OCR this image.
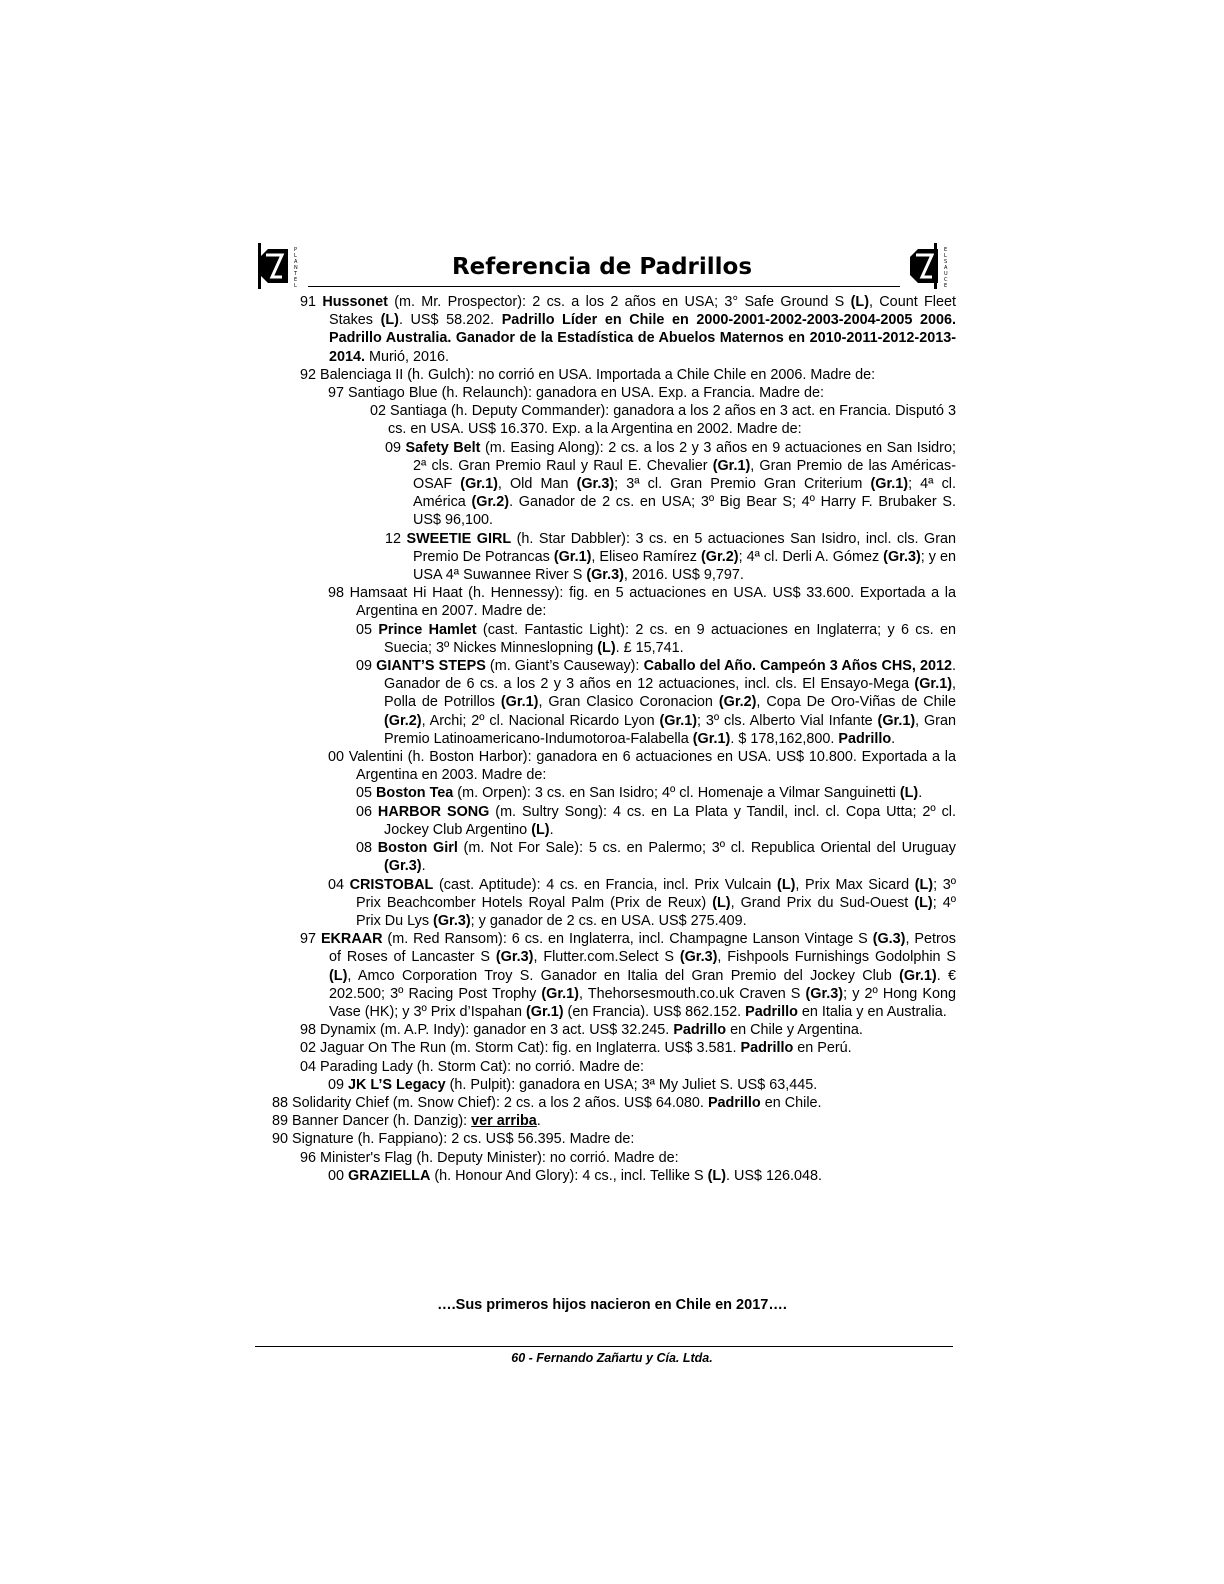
P
L
A
N
T
E
L
E
L
S
A
U
C
E
Referencia de Padrillos
91 Hussonet (m. Mr. Prospector): 2 cs. a los 2 años en USA; 3° Safe Ground S (L), Count Fleet Stakes (L). US$ 58.202. Padrillo Líder en Chile en 2000-2001-2002-2003-2004-2005 2006. Padrillo Australia. Ganador de la Estadística de Abuelos Maternos en 2010-2011-2012-2013-2014. Murió, 2016.
92 Balenciaga II (h. Gulch): no corrió en USA. Importada a Chile Chile en 2006. Madre de:
97 Santiago Blue (h. Relaunch): ganadora en USA. Exp. a Francia. Madre de:
02 Santiaga (h. Deputy Commander): ganadora a los 2 años en 3 act. en Francia. Disputó 3 cs. en USA. US$ 16.370. Exp. a la Argentina en 2002. Madre de:
09 Safety Belt (m. Easing Along): 2 cs. a los 2 y 3 años en 9 actuaciones en San Isidro; 2ª cls. Gran Premio Raul y Raul E. Chevalier (Gr.1), Gran Premio de las Américas-OSAF (Gr.1), Old Man (Gr.3); 3ª cl. Gran Premio Gran Criterium (Gr.1); 4ª cl. América (Gr.2). Ganador de 2 cs. en USA; 3º Big Bear S; 4º Harry F. Brubaker S. US$ 96,100.
12 SWEETIE GIRL (h. Star Dabbler): 3 cs. en 5 actuaciones San Isidro, incl. cls. Gran Premio De Potrancas (Gr.1), Eliseo Ramírez (Gr.2); 4ª cl. Derli A. Gómez (Gr.3); y en USA 4ª Suwannee River S (Gr.3), 2016. US$ 9,797.
98 Hamsaat Hi Haat (h. Hennessy): fig. en 5 actuaciones en USA. US$ 33.600. Exportada a la Argentina en 2007. Madre de:
05 Prince Hamlet (cast. Fantastic Light): 2 cs. en 9 actuaciones en Inglaterra; y 6 cs. en Suecia; 3º Nickes Minneslopning (L). £ 15,741.
09 GIANT’S STEPS (m. Giant’s Causeway): Caballo del Año. Campeón 3 Años CHS, 2012. Ganador de 6 cs. a los 2 y 3 años en 12 actuaciones, incl. cls. El Ensayo-Mega (Gr.1), Polla de Potrillos (Gr.1), Gran Clasico Coronacion (Gr.2), Copa De Oro-Viñas de Chile (Gr.2), Archi; 2º cl. Nacional Ricardo Lyon (Gr.1); 3º cls. Alberto Vial Infante (Gr.1), Gran Premio Latinoamericano-Indumotoroa-Falabella (Gr.1). $ 178,162,800. Padrillo.
00 Valentini (h. Boston Harbor): ganadora en 6 actuaciones en USA. US$ 10.800. Exportada a la Argentina en 2003. Madre de:
05 Boston Tea (m. Orpen): 3 cs. en San Isidro; 4º cl. Homenaje a Vilmar Sanguinetti (L).
06 HARBOR SONG (m. Sultry Song): 4 cs. en La Plata y Tandil, incl. cl. Copa Utta; 2º cl. Jockey Club Argentino (L).
08 Boston Girl (m. Not For Sale): 5 cs. en Palermo; 3º cl. Republica Oriental del Uruguay (Gr.3).
04 CRISTOBAL (cast. Aptitude): 4 cs. en Francia, incl. Prix Vulcain (L), Prix Max Sicard (L); 3º Prix Beachcomber Hotels Royal Palm (Prix de Reux) (L), Grand Prix du Sud-Ouest (L); 4º Prix Du Lys (Gr.3); y ganador de 2 cs. en USA. US$ 275.409.
97 EKRAAR (m. Red Ransom): 6 cs. en Inglaterra, incl. Champagne Lanson Vintage S (G.3), Petros of Roses of Lancaster S (Gr.3), Flutter.com.Select S (Gr.3), Fishpools Furnishings Godolphin S (L), Amco Corporation Troy S. Ganador en Italia del Gran Premio del Jockey Club (Gr.1). € 202.500; 3º Racing Post Trophy (Gr.1), Thehorsesmouth.co.uk Craven S (Gr.3); y 2º Hong Kong Vase (HK); y 3º Prix d’Ispahan (Gr.1) (en Francia). US$ 862.152. Padrillo en Italia y en Australia.
98 Dynamix (m. A.P. Indy): ganador en 3 act. US$ 32.245. Padrillo en Chile y Argentina.
02 Jaguar On The Run (m. Storm Cat): fig. en Inglaterra. US$ 3.581. Padrillo en Perú.
04 Parading Lady (h. Storm Cat): no corrió. Madre de:
09 JK L’S Legacy (h. Pulpit): ganadora en USA; 3ª My Juliet S. US$ 63,445.
88 Solidarity Chief (m. Snow Chief): 2 cs. a los 2 años. US$ 64.080. Padrillo en Chile.
89 Banner Dancer (h. Danzig): ver arriba.
90 Signature (h. Fappiano): 2 cs. US$ 56.395. Madre de:
96 Minister's Flag (h. Deputy Minister): no corrió. Madre de:
00 GRAZIELLA (h. Honour And Glory): 4 cs., incl. Tellike S (L). US$ 126.048.
….Sus primeros hijos nacieron en Chile en 2017….
60 - Fernando Zañartu y Cía. Ltda.
